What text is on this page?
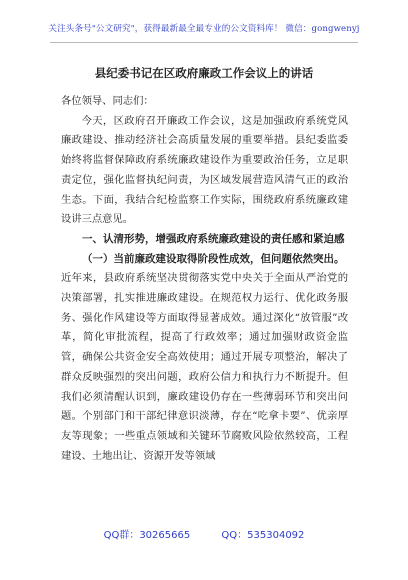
关注头条号"公文研究"，获得最新最全最专业的公文资料库！ 微信：gongwenyj
县纪委书记在区政府廉政工作会议上的讲话

各位领导、同志们：

今天，区政府召开廉政工作会议，这是加强政府系统党风廉政建设、推动经济社会高质量发展的重要举措。县纪委监委始终将监督保障政府系统廉政建设作为重要政治任务，立足职责定位，强化监督执纪问责，为区域发展营造风清气正的政治生态。下面，我结合纪检监察工作实际，围绕政府系统廉政建设讲三点意见。

一、认清形势，增强政府系统廉政建设的责任感和紧迫感

（一）当前廉政建设取得阶段性成效，但问题依然突出。

近年来，县政府系统坚决贯彻落实党中央关于全面从严治党的决策部署，扎实推进廉政建设。在规范权力运行、优化政务服务、强化作风建设等方面取得显著成效。通过深化“放管服”改革，简化审批流程，提高了行政效率；通过加强财政资金监管，确保公共资金安全高效使用；通过开展专项整治，解决了群众反映强烈的突出问题，政府公信力和执行力不断提升。但我们必须清醒认识到，廉政建设仍存在一些薄弱环节和突出问题。个别部门和干部纪律意识淡薄，存在“吃拿卡要”、优亲厚友等现象；一些重点领域和关键环节腐败风险依然较高，工程建设、土地出让、资源开发等领域

QQ群：30265665	QQ：535304092
